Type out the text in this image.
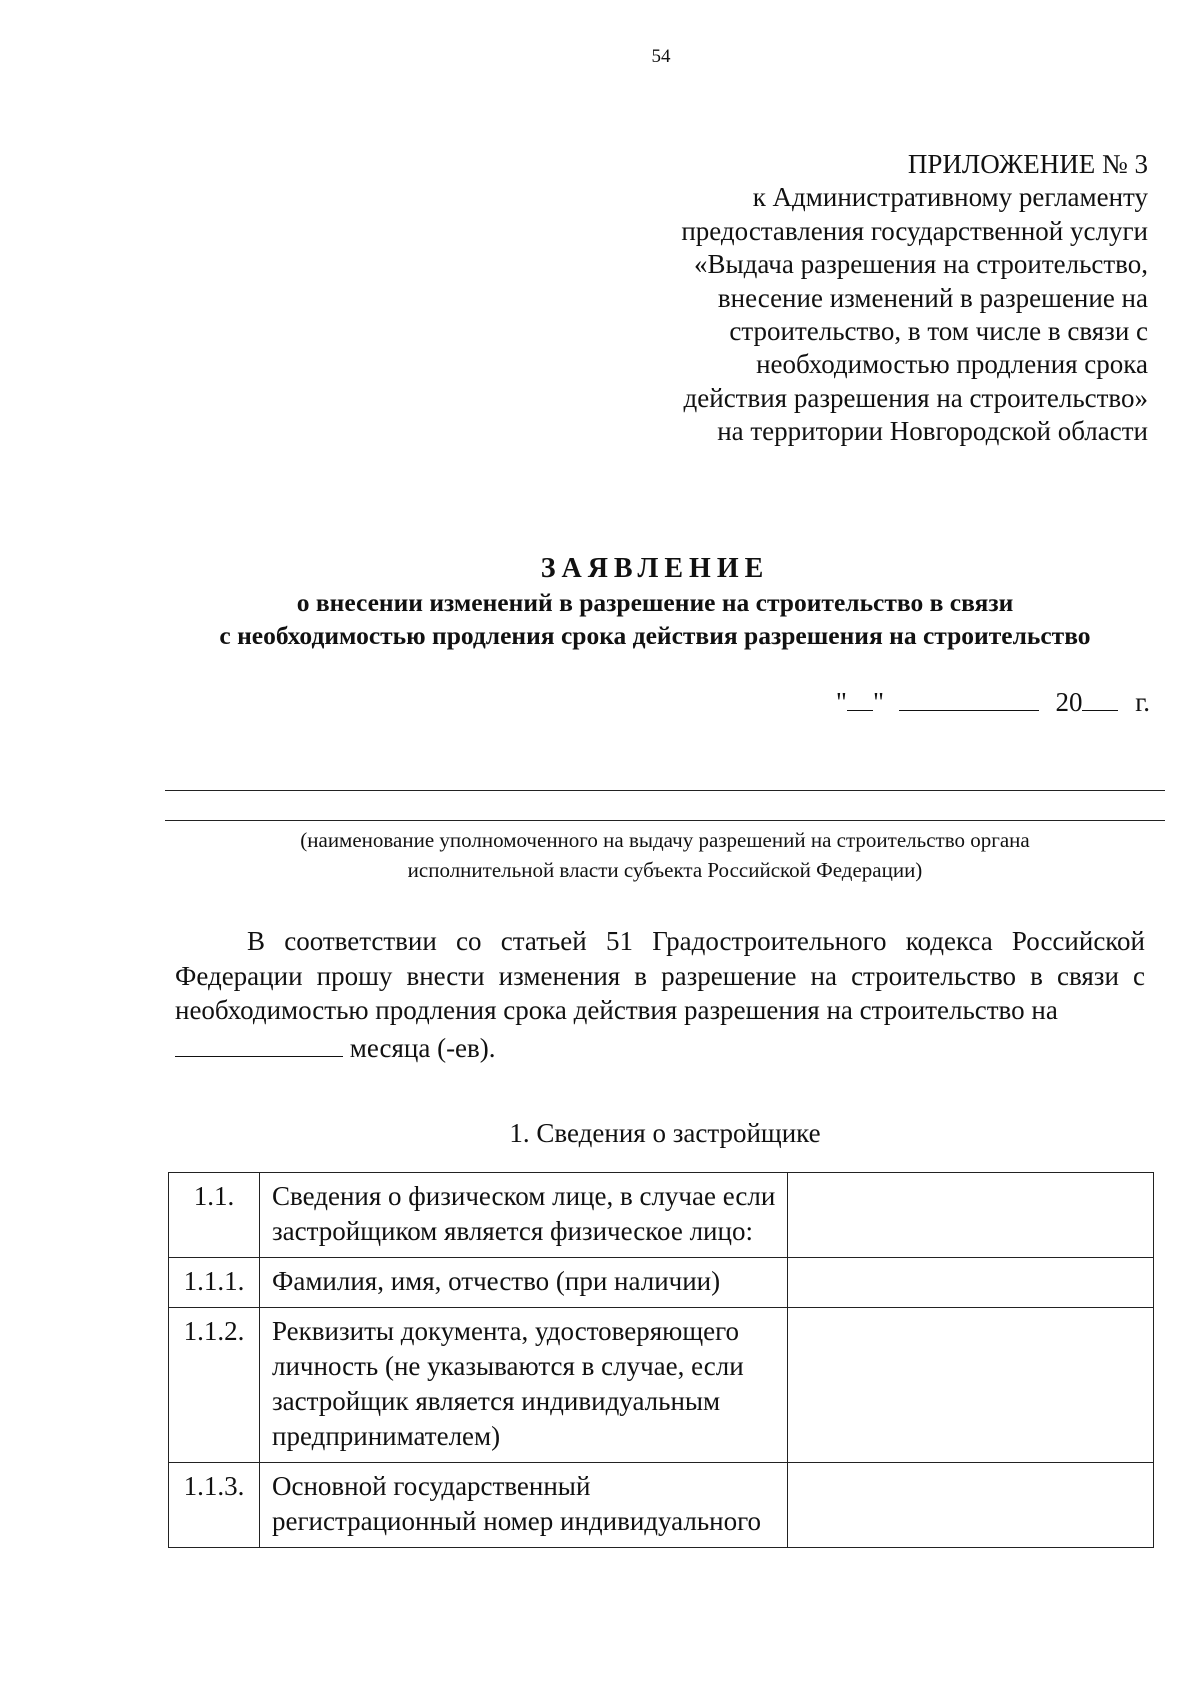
54
ПРИЛОЖЕНИЕ № 3
к Административному регламенту
предоставления государственной услуги
«Выдача разрешения на строительство,
внесение изменений в разрешение на
строительство, в том числе в связи с
необходимостью продления срока
действия разрешения на строительство»
на территории Новгородской области
ЗАЯВЛЕНИЕ
о внесении изменений в разрешение на строительство в связи
с необходимостью продления срока действия разрешения на строительство
" "	20 г.
(наименование уполномоченного на выдачу разрешений на строительство органа
исполнительной власти субъекта Российской Федерации)
В соответствии со статьей 51 Градостроительного кодекса Российской Федерации прошу внести изменения в разрешение на строительство в связи с необходимостью продления срока действия разрешения на строительство на
месяца (-ев).
1. Сведения о застройщике
1.1.	Сведения о физическом лице, в случае если
застройщиком является физическое лицо:	

1.1.1.	Фамилия, имя, отчество (при наличии)	

1.1.2.	Реквизиты документа, удостоверяющего
личность (не указываются в случае, если
застройщик является индивидуальным
предпринимателем)	

1.1.3.	Основной государственный
регистрационный номер индивидуального	
